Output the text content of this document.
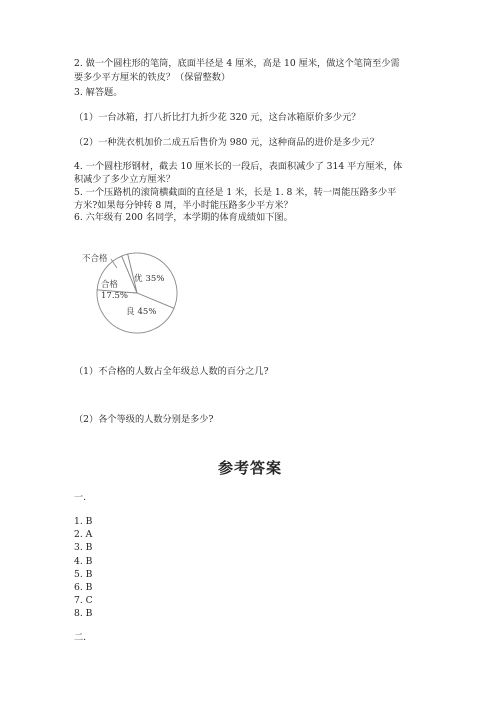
2. 做一个圆柱形的笔筒，底面半径是 4 厘米，高是 10 厘米，做这个笔筒至少需
要多少平方厘米的铁皮？（保留整数）
3. 解答题。
（1）一台冰箱，打八折比打九折少花 320 元，这台冰箱原价多少元？
（2）一种洗衣机加价二成五后售价为 980 元，这种商品的进价是多少元？
4. 一个圆柱形钢材，截去 10 厘米长的一段后，表面积减少了 314 平方厘米，体
积减少了多少立方厘米？
5. 一个压路机的滚筒横截面的直径是 1 米，长是 1. 8 米，转一周能压路多少平
方米?如果每分钟转 8 周，半小时能压路多少平方米？
6. 六年级有 200 名同学，本学期的体育成绩如下图。
不合格
优 35%
合格
17.5%
良 45%
（1）不合格的人数占全年级总人数的百分之几?
（2）各个等级的人数分别是多少?
参考答案
一.
1. B
2. A
3. B
4. B
5. B
6. B
7. C
8. B
二.
